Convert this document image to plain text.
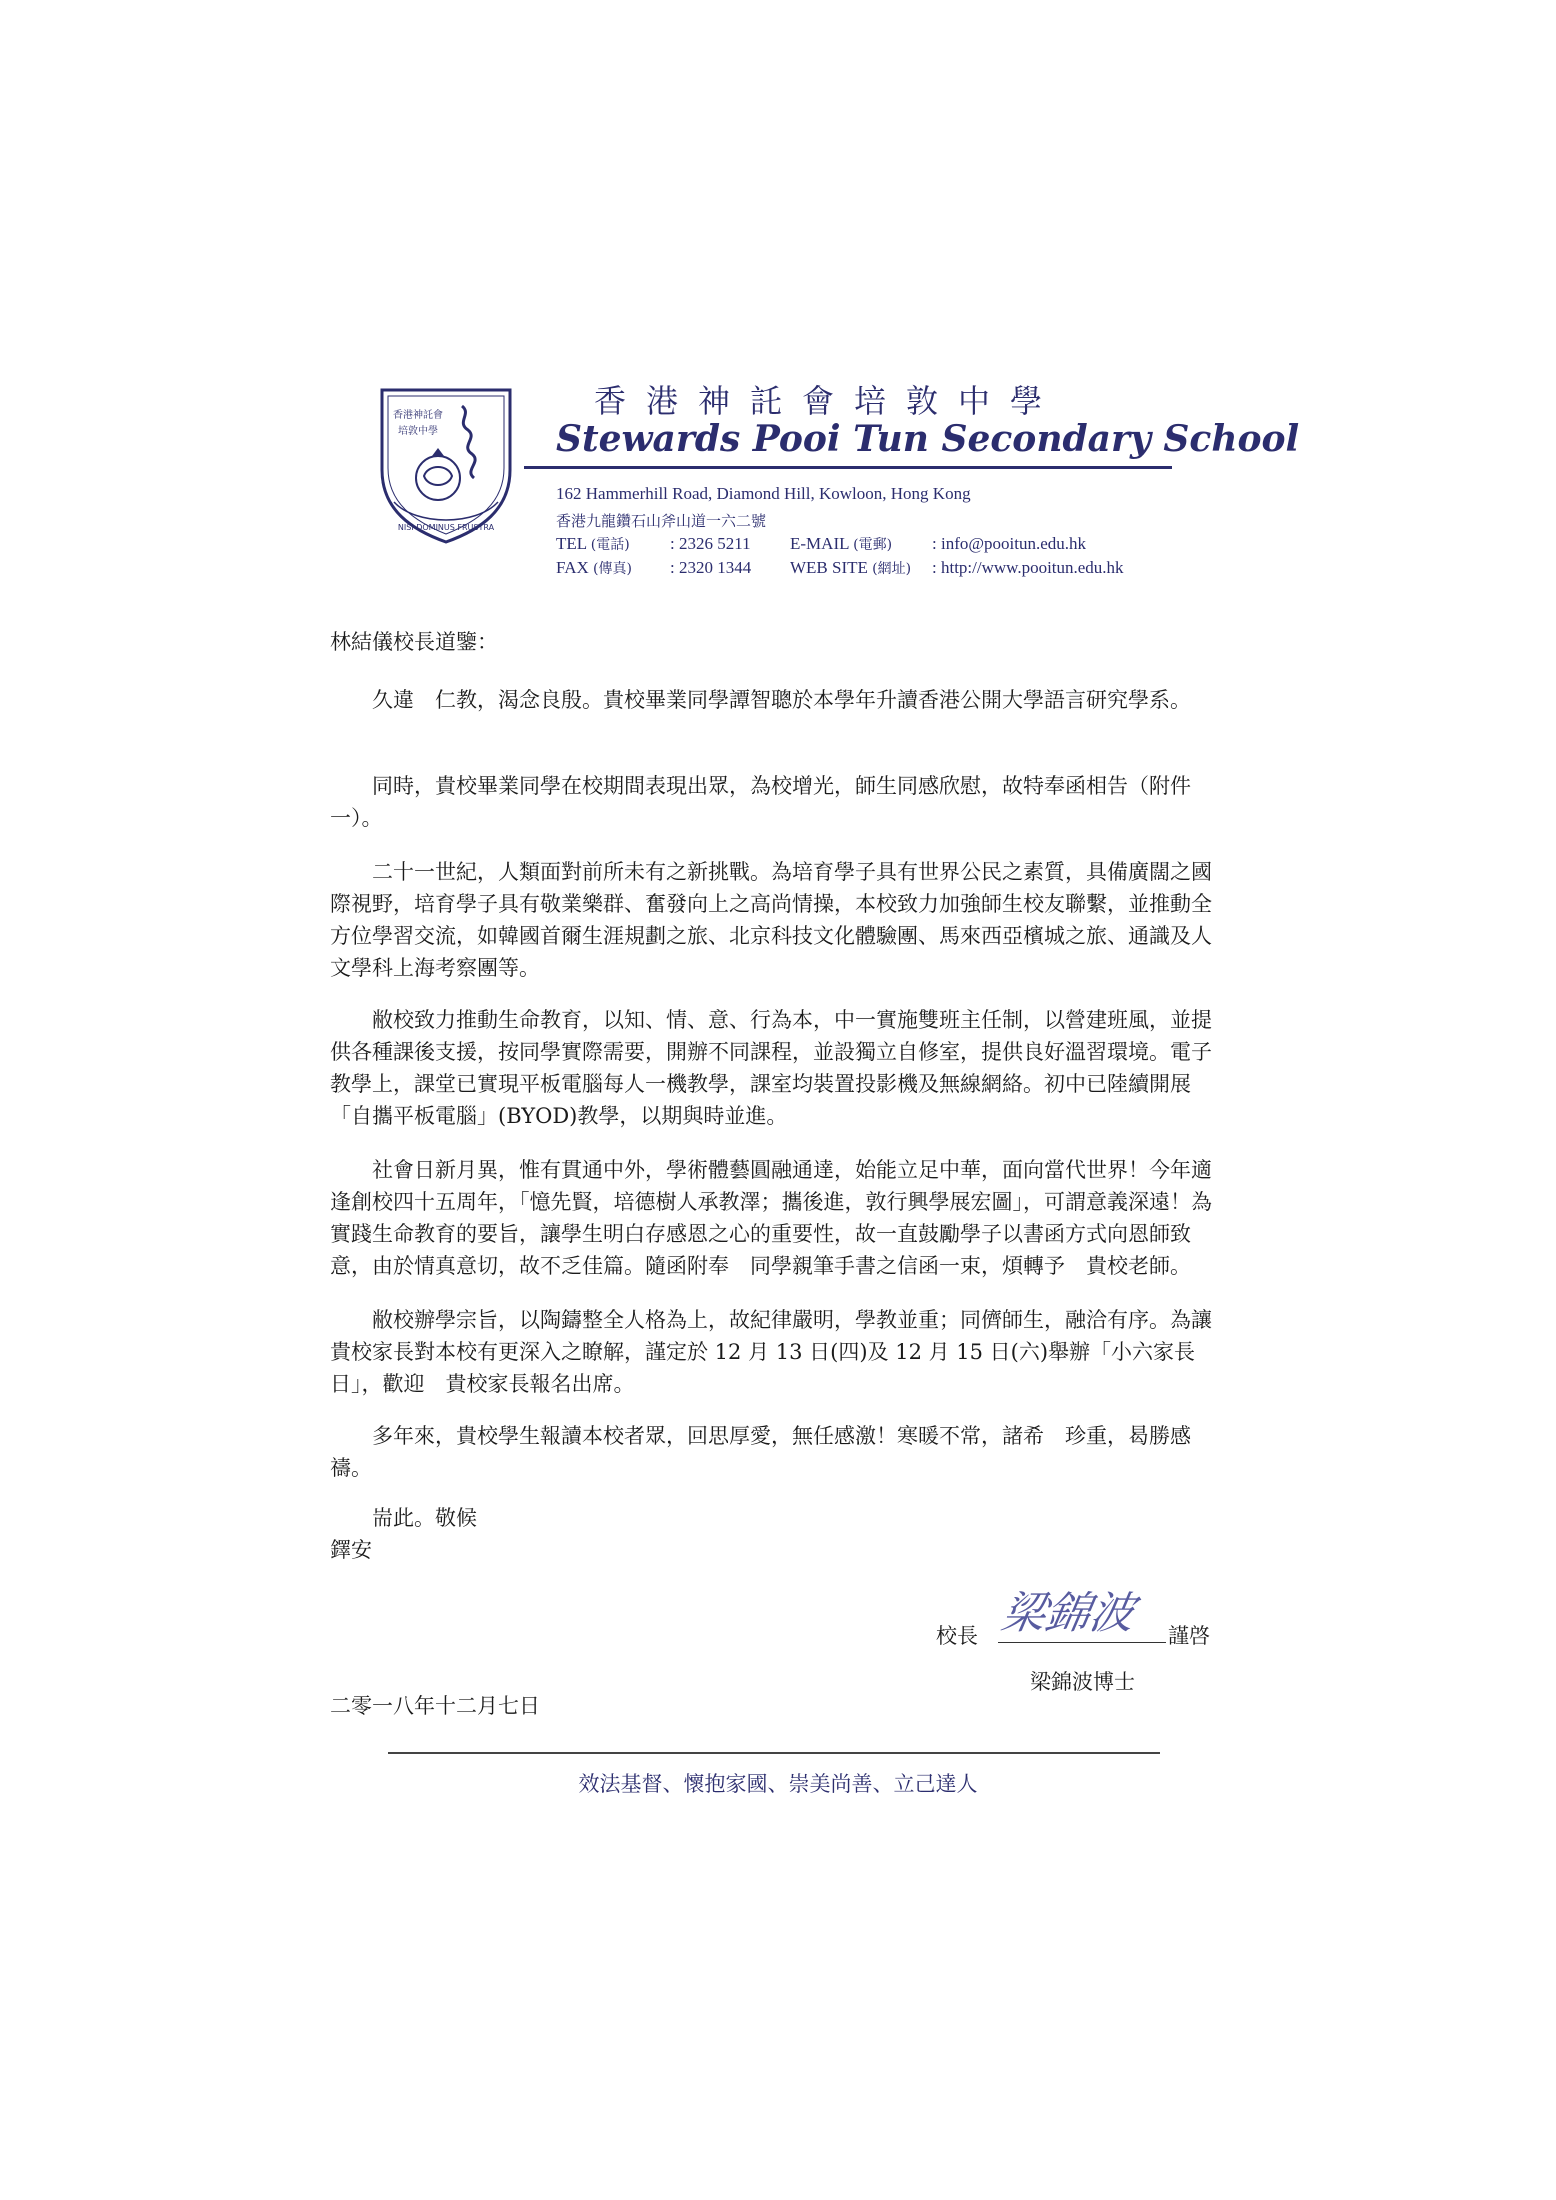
香港神託會
培敦中學
NISI DOMINUS FRUSTRA
香港神託會培敦中學
Stewards Pooi Tun Secondary School
162 Hammerhill Road, Diamond Hill, Kowloon, Hong Kong
香港九龍鑽石山斧山道一六二號
TEL (電話) : 2326 5211 E-MAIL (電郵) : info@pooitun.edu.hk
FAX (傳真) : 2320 1344 WEB SITE (網址) : http://www.pooitun.edu.hk
林結儀校長道鑒：

久違　仁教，渴念良殷。貴校畢業同學譚智聰於本學年升讀香港公開大學語言研究學系。

同時，貴校畢業同學在校期間表現出眾，為校增光，師生同感欣慰，故特奉函相告（附件一）。

二十一世紀，人類面對前所未有之新挑戰。為培育學子具有世界公民之素質，具備廣闊之國際視野，培育學子具有敬業樂群、奮發向上之高尚情操，本校致力加強師生校友聯繫，並推動全方位學習交流，如韓國首爾生涯規劃之旅、北京科技文化體驗團、馬來西亞檳城之旅、通識及人文學科上海考察團等。

敝校致力推動生命教育，以知、情、意、行為本，中一實施雙班主任制，以營建班風，並提供各種課後支援，按同學實際需要，開辦不同課程，並設獨立自修室，提供良好溫習環境。電子教學上，課堂已實現平板電腦每人一機教學，課室均裝置投影機及無線網絡。初中已陸續開展「自攜平板電腦」(BYOD)教學，以期與時並進。

社會日新月異，惟有貫通中外，學術體藝圓融通達，始能立足中華，面向當代世界！今年適逢創校四十五周年，「憶先賢，培德樹人承教澤；攜後進，敦行興學展宏圖」，可謂意義深遠！為實踐生命教育的要旨，讓學生明白存感恩之心的重要性，故一直鼓勵學子以書函方式向恩師致意，由於情真意切，故不乏佳篇。隨函附奉　同學親筆手書之信函一束，煩轉予　貴校老師。

敝校辦學宗旨，以陶鑄整全人格為上，故紀律嚴明，學教並重；同儕師生，融洽有序。為讓　貴校家長對本校有更深入之瞭解，謹定於 12 月 13 日(四)及 12 月 15 日(六)舉辦「小六家長日」，歡迎　貴校家長報名出席。

多年來，貴校學生報讀本校者眾，回思厚愛，無任感激！寒暖不常，諸希　珍重，曷勝感禱。

耑此。敬候
鐸安
校長 梁錦波 謹啓
梁錦波博士
二零一八年十二月七日
效法基督、懷抱家國、崇美尚善、立己達人
